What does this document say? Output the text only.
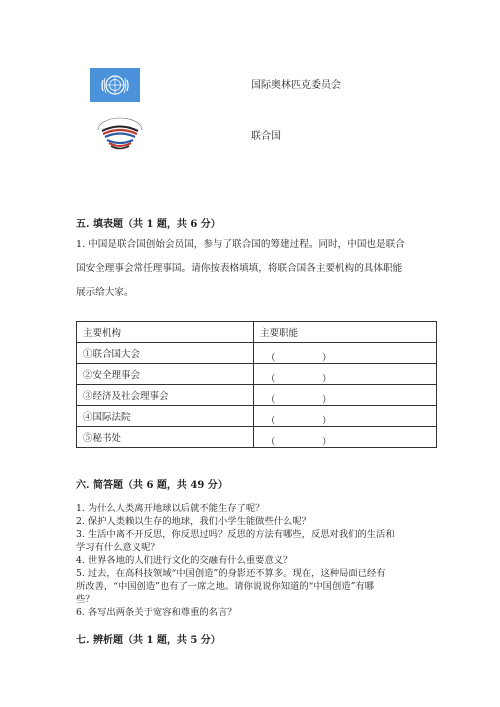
国际奥林匹克委员会
联合国
五. 填表题（共 1 题，共 6 分）
1. 中国是联合国创始会员国，参与了联合国的筹建过程。同时，中国也是联合
国安全理事会常任理事国。请你按表格填填，将联合国各主要机构的具体职能
展示给大家。
主要机构	主要职能
①联合国大会	（ ）

②安全理事会	（ ）

③经济及社会理事会	（ ）

④国际法院	（ ）

⑤秘书处	（ ）
六. 简答题（共 6 题，共 49 分）
1. 为什么人类离开地球以后就不能生存了呢？
2. 保护人类赖以生存的地球，我们小学生能做些什么呢？
3. 生活中离不开反思，你反思过吗？反思的方法有哪些，反思对我们的生活和
学习有什么意义呢？
4. 世界各地的人们进行文化的交融有什么重要意义？
5. 过去，在高科技领域“中国创造”的身影还不算多。现在，这种局面已经有
所改善，“中国创造”也有了一席之地。请你说说你知道的“中国创造”有哪
些？
6. 各写出两条关于宽容和尊重的名言？
七. 辨析题（共 1 题，共 5 分）
